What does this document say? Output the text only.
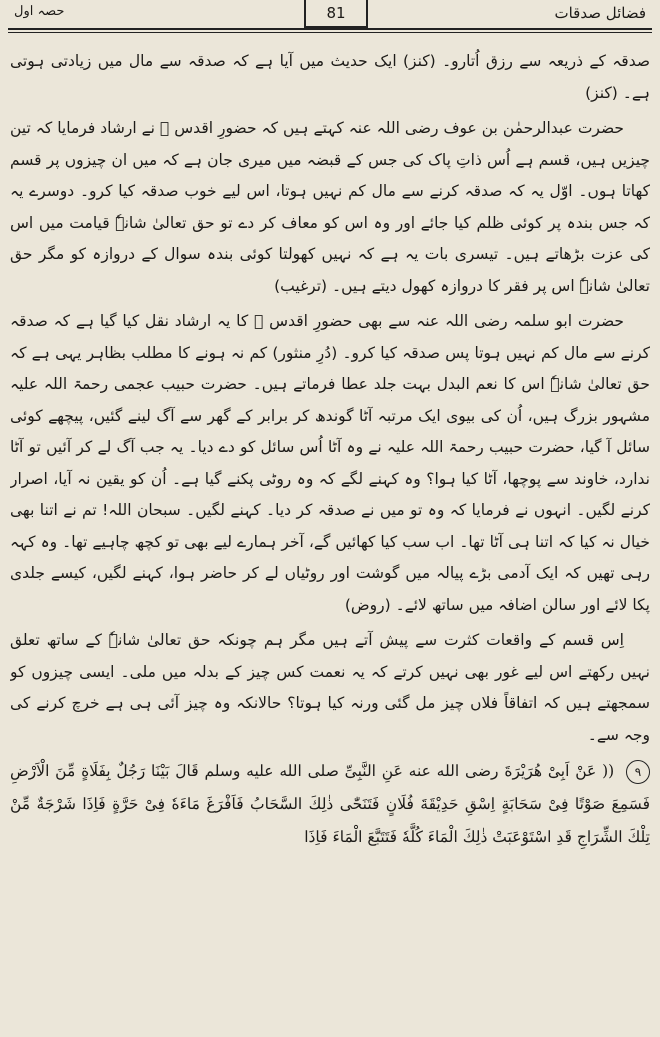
فضائل صدقات
حصہ اول	81

صدقہ کے ذریعہ سے رزق اُتارو۔ (کنز) ایک حدیث میں آیا ہے کہ صدقہ سے مال میں زیادتی ہوتی ہے۔ (کنز)

حضرت عبدالرحمٰن بن عوف رضی اللہ عنہ کہتے ہیں کہ حضورِ اقدس ﷺ نے ارشاد فرمایا کہ تین چیزیں ہیں، قسم ہے اُس ذاتِ پاک کی جس کے قبضہ میں میری جان ہے کہ میں ان چیزوں پر قسم کھاتا ہوں۔ اوّل یہ کہ صدقہ کرنے سے مال کم نہیں ہوتا، اس لیے خوب صدقہ کیا کرو۔ دوسرے یہ کہ جس بندہ پر کوئی ظلم کیا جائے اور وہ اس کو معاف کر دے تو حق تعالیٰ شانہٗ قیامت میں اس کی عزت بڑھاتے ہیں۔ تیسری بات یہ ہے کہ نہیں کھولتا کوئی بندہ سوال کے دروازہ کو مگر حق تعالیٰ شانہٗ اس پر فقر کا دروازہ کھول دیتے ہیں۔ (ترغیب)

حضرت ابو سلمہ رضی اللہ عنہ سے بھی حضورِ اقدس ﷺ کا یہ ارشاد نقل کیا گیا ہے کہ صدقہ کرنے سے مال کم نہیں ہوتا پس صدقہ کیا کرو۔ (دُرِ منثور) کم نہ ہونے کا مطلب بظاہر یہی ہے کہ حق تعالیٰ شانہٗ اس کا نعم البدل بہت جلد عطا فرماتے ہیں۔ حضرت حبیب عجمی رحمۃ اللہ علیہ مشہور بزرگ ہیں، اُن کی بیوی ایک مرتبہ آٹا گوندھ کر برابر کے گھر سے آگ لینے گئیں، پیچھے کوئی سائل آ گیا، حضرت حبیب رحمۃ اللہ علیہ نے وہ آٹا اُس سائل کو دے دیا۔ یہ جب آگ لے کر آئیں تو آٹا ندارد، خاوند سے پوچھا، آٹا کیا ہوا؟ وہ کہنے لگے کہ وہ روٹی پکنے گیا ہے۔ اُن کو یقین نہ آیا، اصرار کرنے لگیں۔ انہوں نے فرمایا کہ وہ تو میں نے صدقہ کر دیا۔ کہنے لگیں۔ سبحان اللہ! تم نے اتنا بھی خیال نہ کیا کہ اتنا ہی آٹا تھا۔ اب سب کیا کھائیں گے، آخر ہمارے لیے بھی تو کچھ چاہیے تھا۔ وہ کہہ رہی تھیں کہ ایک آدمی بڑے پیالہ میں گوشت اور روٹیاں لے کر حاضر ہوا، کہنے لگیں، کیسے جلدی پکا لائے اور سالن اضافہ میں ساتھ لائے۔ (روض)

اِس قسم کے واقعات کثرت سے پیش آتے ہیں مگر ہم چونکہ حق تعالیٰ شانہٗ کے ساتھ تعلق نہیں رکھتے اس لیے غور بھی نہیں کرتے کہ یہ نعمت کس چیز کے بدلہ میں ملی۔ ایسی چیزوں کو سمجھتے ہیں کہ اتفاقاً فلاں چیز مل گئی ورنہ کیا ہوتا؟ حالانکہ وہ چیز آئی ہی ہے خرچ کرنے کی وجہ سے۔

۹ (( عَنْ اَبِیْ هُرَیْرَةَ رضی الله عنه عَنِ النَّبِیِّ صلی الله علیه وسلم قَالَ بَیْنَا رَجُلٌ بِفَلَاةٍ مِّنَ الْاَرْضِ فَسَمِعَ صَوْتًا فِیْ سَحَابَةٍ اِسْقِ حَدِیْقَةَ فُلَانٍ فَتَنَحّٰی ذٰلِكَ السَّحَابُ فَاَفْرَغَ مَاءَهٗ فِیْ حَرَّةٍ فَاِذَا شَرْجَةٌ مِّنْ تِلْكَ الشِّرَاجِ قَدِ اسْتَوْعَبَتْ ذٰلِكَ الْمَاءَ كُلَّهٗ فَتَتَبَّعَ الْمَاءَ فَاِذَا
